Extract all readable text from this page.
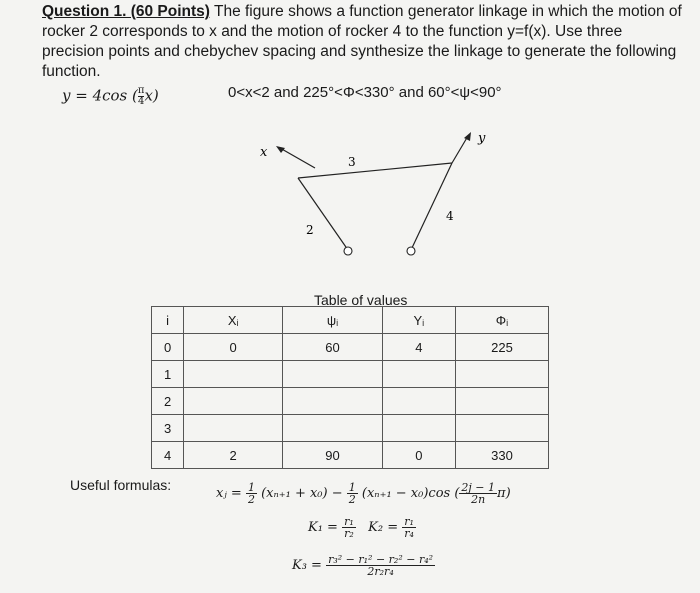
Question 1. (60 Points) The figure shows a function generator linkage in which the motion of rocker 2 corresponds to x and the motion of rocker 4 to the function y=f(x). Use three precision points and chebychev spacing and synthesize the linkage to generate the following function.
y = 4cos ( $\frac{\pi}{4} x$)	0<x<2 and 225°<Φ<330° and 60°<ψ<90°
x
2
3
4
y
Table of values
i	Xᵢ	ψᵢ	Yᵢ	Φᵢ
0	0	60	4	225
1				
2				
3				
4	2	90	0	330
Useful formulas:
xⱼ = $\frac{1}{2} (x_{n+1} + x_0) - \frac{1}{2} (x_{n+1} - x_0)\cos$ ( $\frac{2j - 1}{2n} \pi$)
$K_1 = \frac{\text{r₁}}{\text{r₂}} K_2 = \frac{\text{r₁}}{\text{r₄}}$
$K_3 = \frac{\text{r₃² − r₁² − r₂² − r₄²}}{\text{2r₂r₄}}$
